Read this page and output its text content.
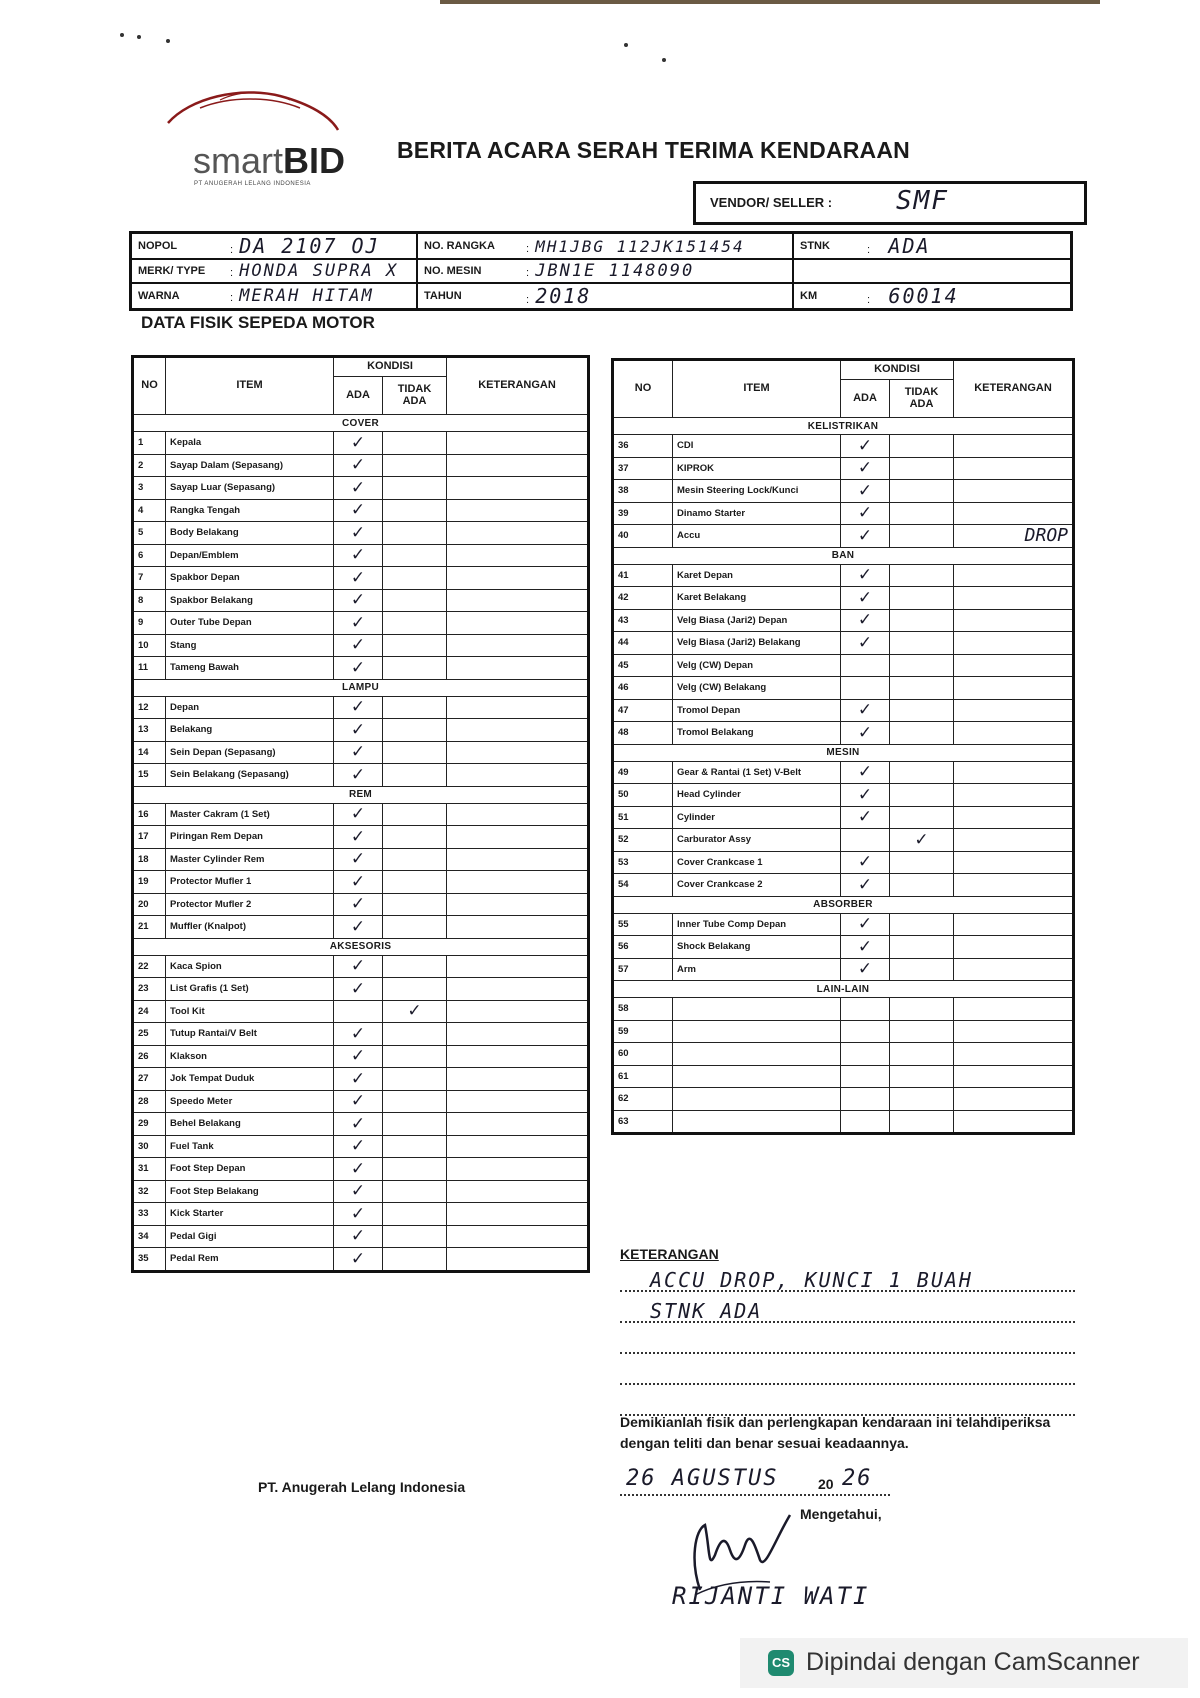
smartBID
PT ANUGERAH LELANG INDONESIA
BERITA ACARA SERAH TERIMA KENDARAAN
VENDOR/ SELLER : SMF
NOPOL	: DA 2107 OJ	NO. RANGKA	: MH1JBG 112JK151454	STNK	: ADA
MERK/ TYPE	: HONDA SUPRA X	NO. MESIN	: JBN1E 1148090		
WARNA	: MERAH HITAM	TAHUN	: 2018	KM	: 60014
DATA FISIK SEPEDA MOTOR
NO	ITEM	KONDISI		KETERANGAN
		ADA	TIDAK ADA	
COVER				
1	Kepala	✓		
2	Sayap Dalam (Sepasang)	✓		
3	Sayap Luar (Sepasang)	✓		
4	Rangka Tengah	✓		
5	Body Belakang	✓		
6	Depan/Emblem	✓		
7	Spakbor Depan	✓		
8	Spakbor Belakang	✓		
9	Outer Tube Depan	✓		
10	Stang	✓		
11	Tameng Bawah	✓		
LAMPU				
12	Depan	✓		
13	Belakang	✓		
14	Sein Depan (Sepasang)	✓		
15	Sein Belakang (Sepasang)	✓		
REM				
16	Master Cakram (1 Set)	✓		
17	Piringan Rem Depan	✓		
18	Master Cylinder Rem	✓		
19	Protector Mufler 1	✓		
20	Protector Mufler 2	✓		
21	Muffler (Knalpot)	✓		
AKSESORIS				
22	Kaca Spion	✓		
23	List Grafis (1 Set)	✓		
24	Tool Kit		✓	
25	Tutup Rantai/V Belt	✓		
26	Klakson	✓		
27	Jok Tempat Duduk	✓		
28	Speedo Meter	✓		
29	Behel Belakang	✓		
30	Fuel Tank	✓		
31	Foot Step Depan	✓		
32	Foot Step Belakang	✓		
33	Kick Starter	✓		
34	Pedal Gigi	✓		
35	Pedal Rem	✓		
NO	ITEM	KONDISI		KETERANGAN
		ADA	TIDAK ADA	
KELISTRIKAN				
36	CDI	✓		
37	KIPROK	✓		
38	Mesin Steering Lock/Kunci	✓		
39	Dinamo Starter	✓		
40	Accu	✓		DROP
BAN				
41	Karet Depan	✓		
42	Karet Belakang	✓		
43	Velg Biasa (Jari2) Depan	✓		
44	Velg Biasa (Jari2) Belakang	✓		
45	Velg (CW) Depan			
46	Velg (CW) Belakang			
47	Tromol Depan	✓		
48	Tromol Belakang	✓		
MESIN				
49	Gear & Rantai (1 Set) V-Belt	✓		
50	Head Cylinder	✓		
51	Cylinder	✓		
52	Carburator Assy		✓	
53	Cover Crankcase 1	✓		
54	Cover Crankcase 2	✓		
ABSORBER				
55	Inner Tube Comp Depan	✓		
56	Shock Belakang	✓		
57	Arm	✓		
LAIN-LAIN				
58				
59				
60				
61				
62				
63				
KETERANGAN
ACCU DROP, KUNCI 1 BUAH
STNK ADA
Demikianlah fisik dan perlengkapan kendaraan ini telahdiperiksa dengan teliti dan benar sesuai keadaannya.
PT. Anugerah Lelang Indonesia	26 AGUSTUS	20 26
Mengetahui,
RIJANTI WATI
CS Dipindai dengan CamScanner
